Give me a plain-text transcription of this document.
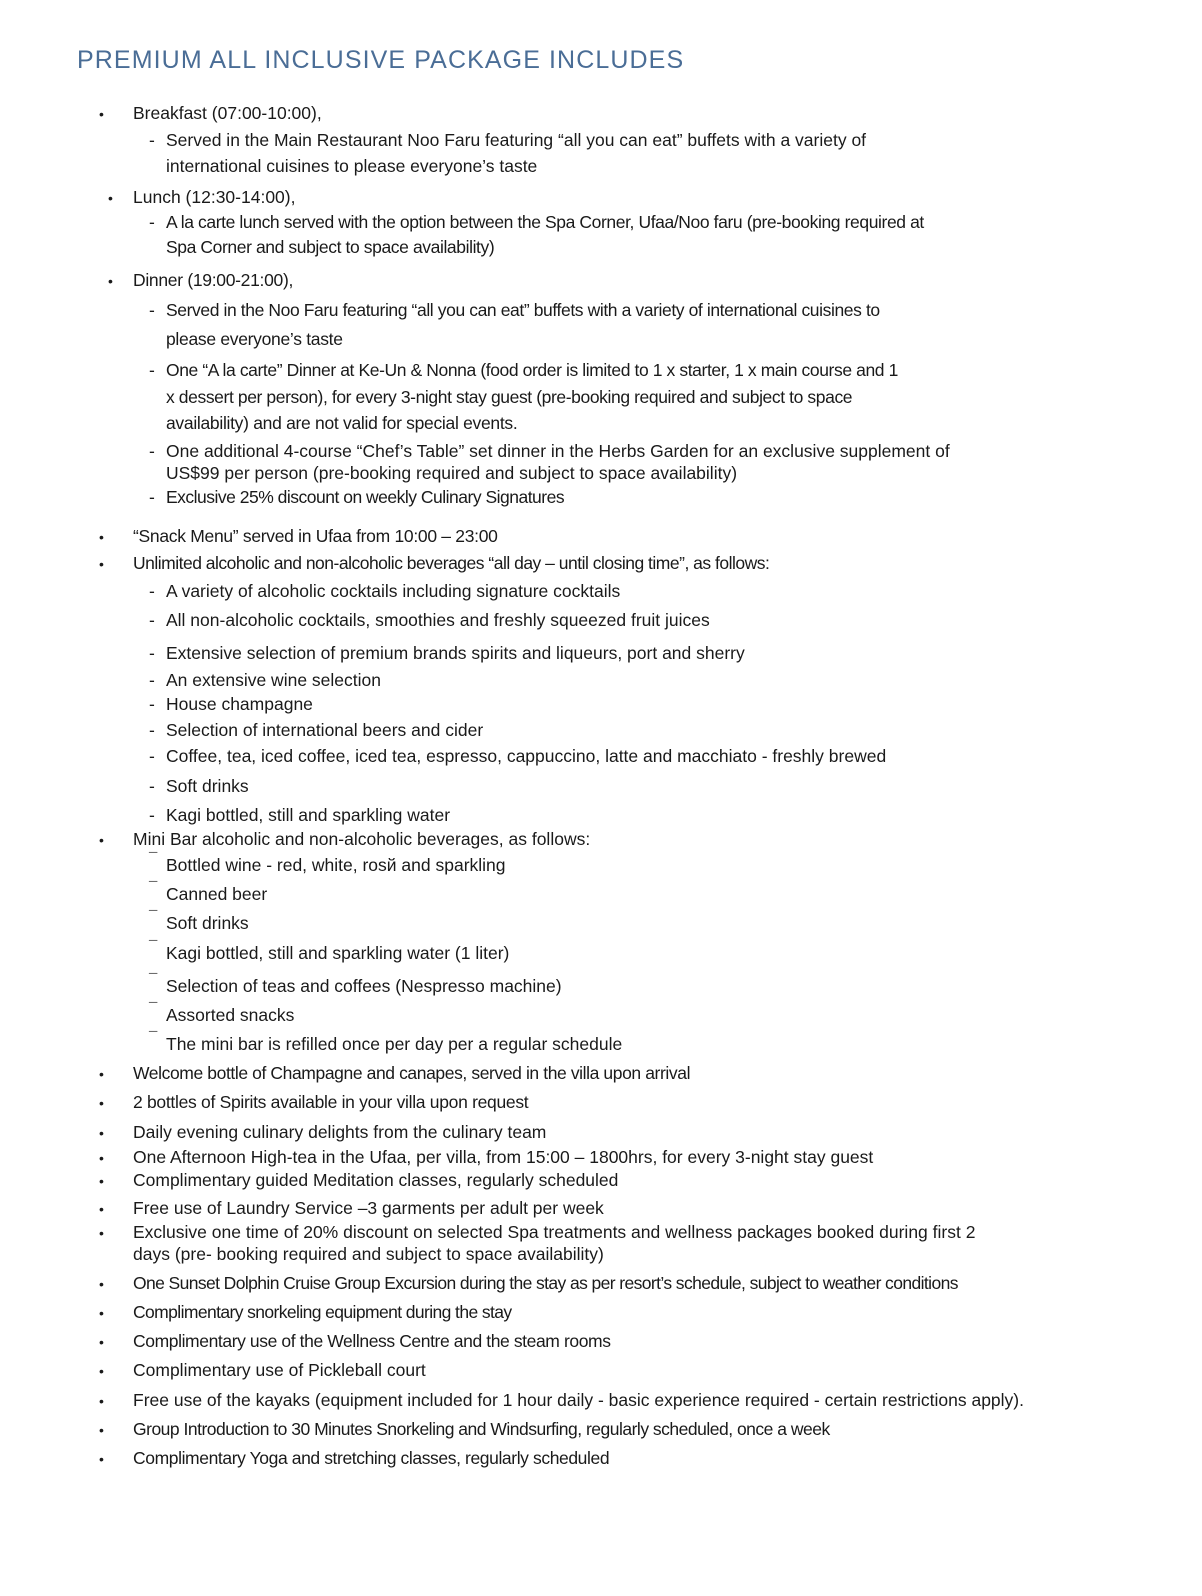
PREMIUM ALL INCLUSIVE PACKAGE INCLUDES
• Breakfast (07:00-10:00),
- Served in the Main Restaurant Noo Faru featuring “all you can eat” buffets with a variety of
international cuisines to please everyone’s taste
• Lunch (12:30-14:00),
- A la carte lunch served with the option between the Spa Corner, Ufaa/Noo faru (pre-booking required at
Spa Corner and subject to space availability)
• Dinner (19:00-21:00),
- Served in the Noo Faru featuring “all you can eat” buffets with a variety of international cuisines to
please everyone’s taste
- One “A la carte” Dinner at Ke-Un & Nonna (food order is limited to 1 x starter, 1 x main course and 1
x dessert per person), for every 3-night stay guest (pre-booking required and subject to space
availability) and are not valid for special events.
- One additional 4-course “Chef’s Table” set dinner in the Herbs Garden for an exclusive supplement of
US$99 per person (pre-booking required and subject to space availability)
- Exclusive 25% discount on weekly Culinary Signatures
• “Snack Menu” served in Ufaa from 10:00 – 23:00
• Unlimited alcoholic and non-alcoholic beverages “all day – until closing time”, as follows:
- A variety of alcoholic cocktails including signature cocktails
- All non-alcoholic cocktails, smoothies and freshly squeezed fruit juices
- Extensive selection of premium brands spirits and liqueurs, port and sherry
- An extensive wine selection
- House champagne
- Selection of international beers and cider
- Coffee, tea, iced coffee, iced tea, espresso, cappuccino, latte and macchiato - freshly brewed
- Soft drinks
- Kagi bottled, still and sparkling water
• Mini Bar alcoholic and non-alcoholic beverages, as follows:
¯ Bottled wine - red, white, rosй and sparkling
¯ Canned beer
¯ Soft drinks
¯ Kagi bottled, still and sparkling water (1 liter)
¯ Selection of teas and coffees (Nespresso machine)
¯ Assorted snacks
¯ The mini bar is refilled once per day per a regular schedule
• Welcome bottle of Champagne and canapes, served in the villa upon arrival
• 2 bottles of Spirits available in your villa upon request
• Daily evening culinary delights from the culinary team
• One Afternoon High-tea in the Ufaa, per villa, from 15:00 – 1800hrs, for every 3-night stay guest
• Complimentary guided Meditation classes, regularly scheduled
• Free use of Laundry Service –3 garments per adult per week
• Exclusive one time of 20% discount on selected Spa treatments and wellness packages booked during first 2
days (pre- booking required and subject to space availability)
• One Sunset Dolphin Cruise Group Excursion during the stay as per resort’s schedule, subject to weather conditions
• Complimentary snorkeling equipment during the stay
• Complimentary use of the Wellness Centre and the steam rooms
• Complimentary use of Pickleball court
• Free use of the kayaks (equipment included for 1 hour daily - basic experience required - certain restrictions apply).
• Group Introduction to 30 Minutes Snorkeling and Windsurfing, regularly scheduled, once a week
• Complimentary Yoga and stretching classes, regularly scheduled
